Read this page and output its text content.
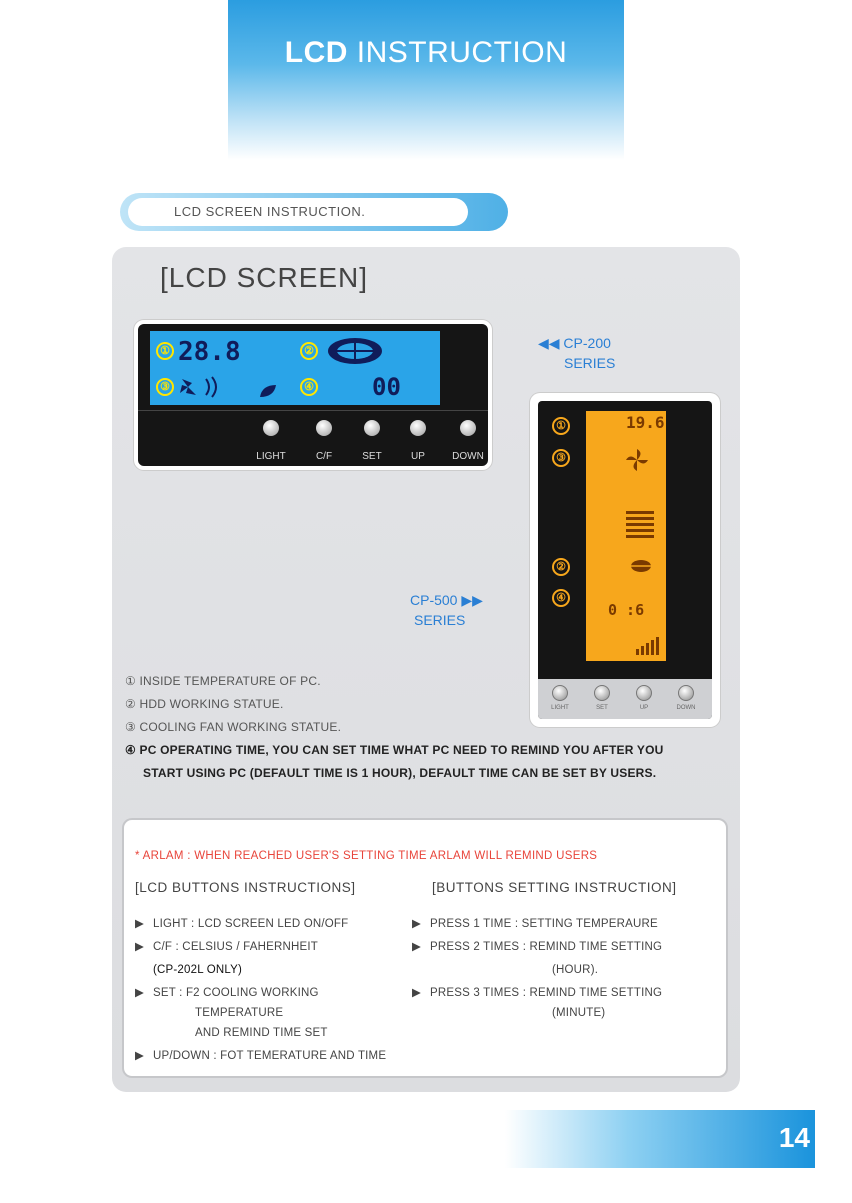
LCD INSTRUCTION
LCD SCREEN INSTRUCTION.
[LCD SCREEN]
① 28.8	②
③	④ 00
LIGHT	C/F	SET	UP	DOWN
◀◀ CP-200
SERIES
CP-500 ▶▶
SERIES
①
③
②
④
19.6
0 :6
LIGHT	SET	UP	DOWN
① INSIDE TEMPERATURE OF PC.
② HDD WORKING STATUE.
③ COOLING FAN WORKING STATUE.
④ PC OPERATING TIME, YOU CAN SET TIME WHAT PC NEED TO REMIND YOU AFTER YOU
START USING PC (DEFAULT TIME IS 1 HOUR), DEFAULT TIME CAN BE SET BY USERS.
* ARLAM : WHEN REACHED USER'S SETTING TIME ARLAM WILL REMIND USERS
[LCD BUTTONS INSTRUCTIONS]	[BUTTONS SETTING INSTRUCTION]
▶ LIGHT : LCD SCREEN LED ON/OFF
▶ C/F : CELSIUS / FAHERNHEIT
(CP-202L ONLY)
▶ SET : F2 COOLING WORKING
TEMPERATURE
AND REMIND TIME SET
▶ UP/DOWN : FOT TEMERATURE AND TIME
▶ PRESS 1 TIME : SETTING TEMPERAURE
▶ PRESS 2 TIMES : REMIND TIME SETTING
(HOUR).
▶ PRESS 3 TIMES : REMIND TIME SETTING
(MINUTE)
14
